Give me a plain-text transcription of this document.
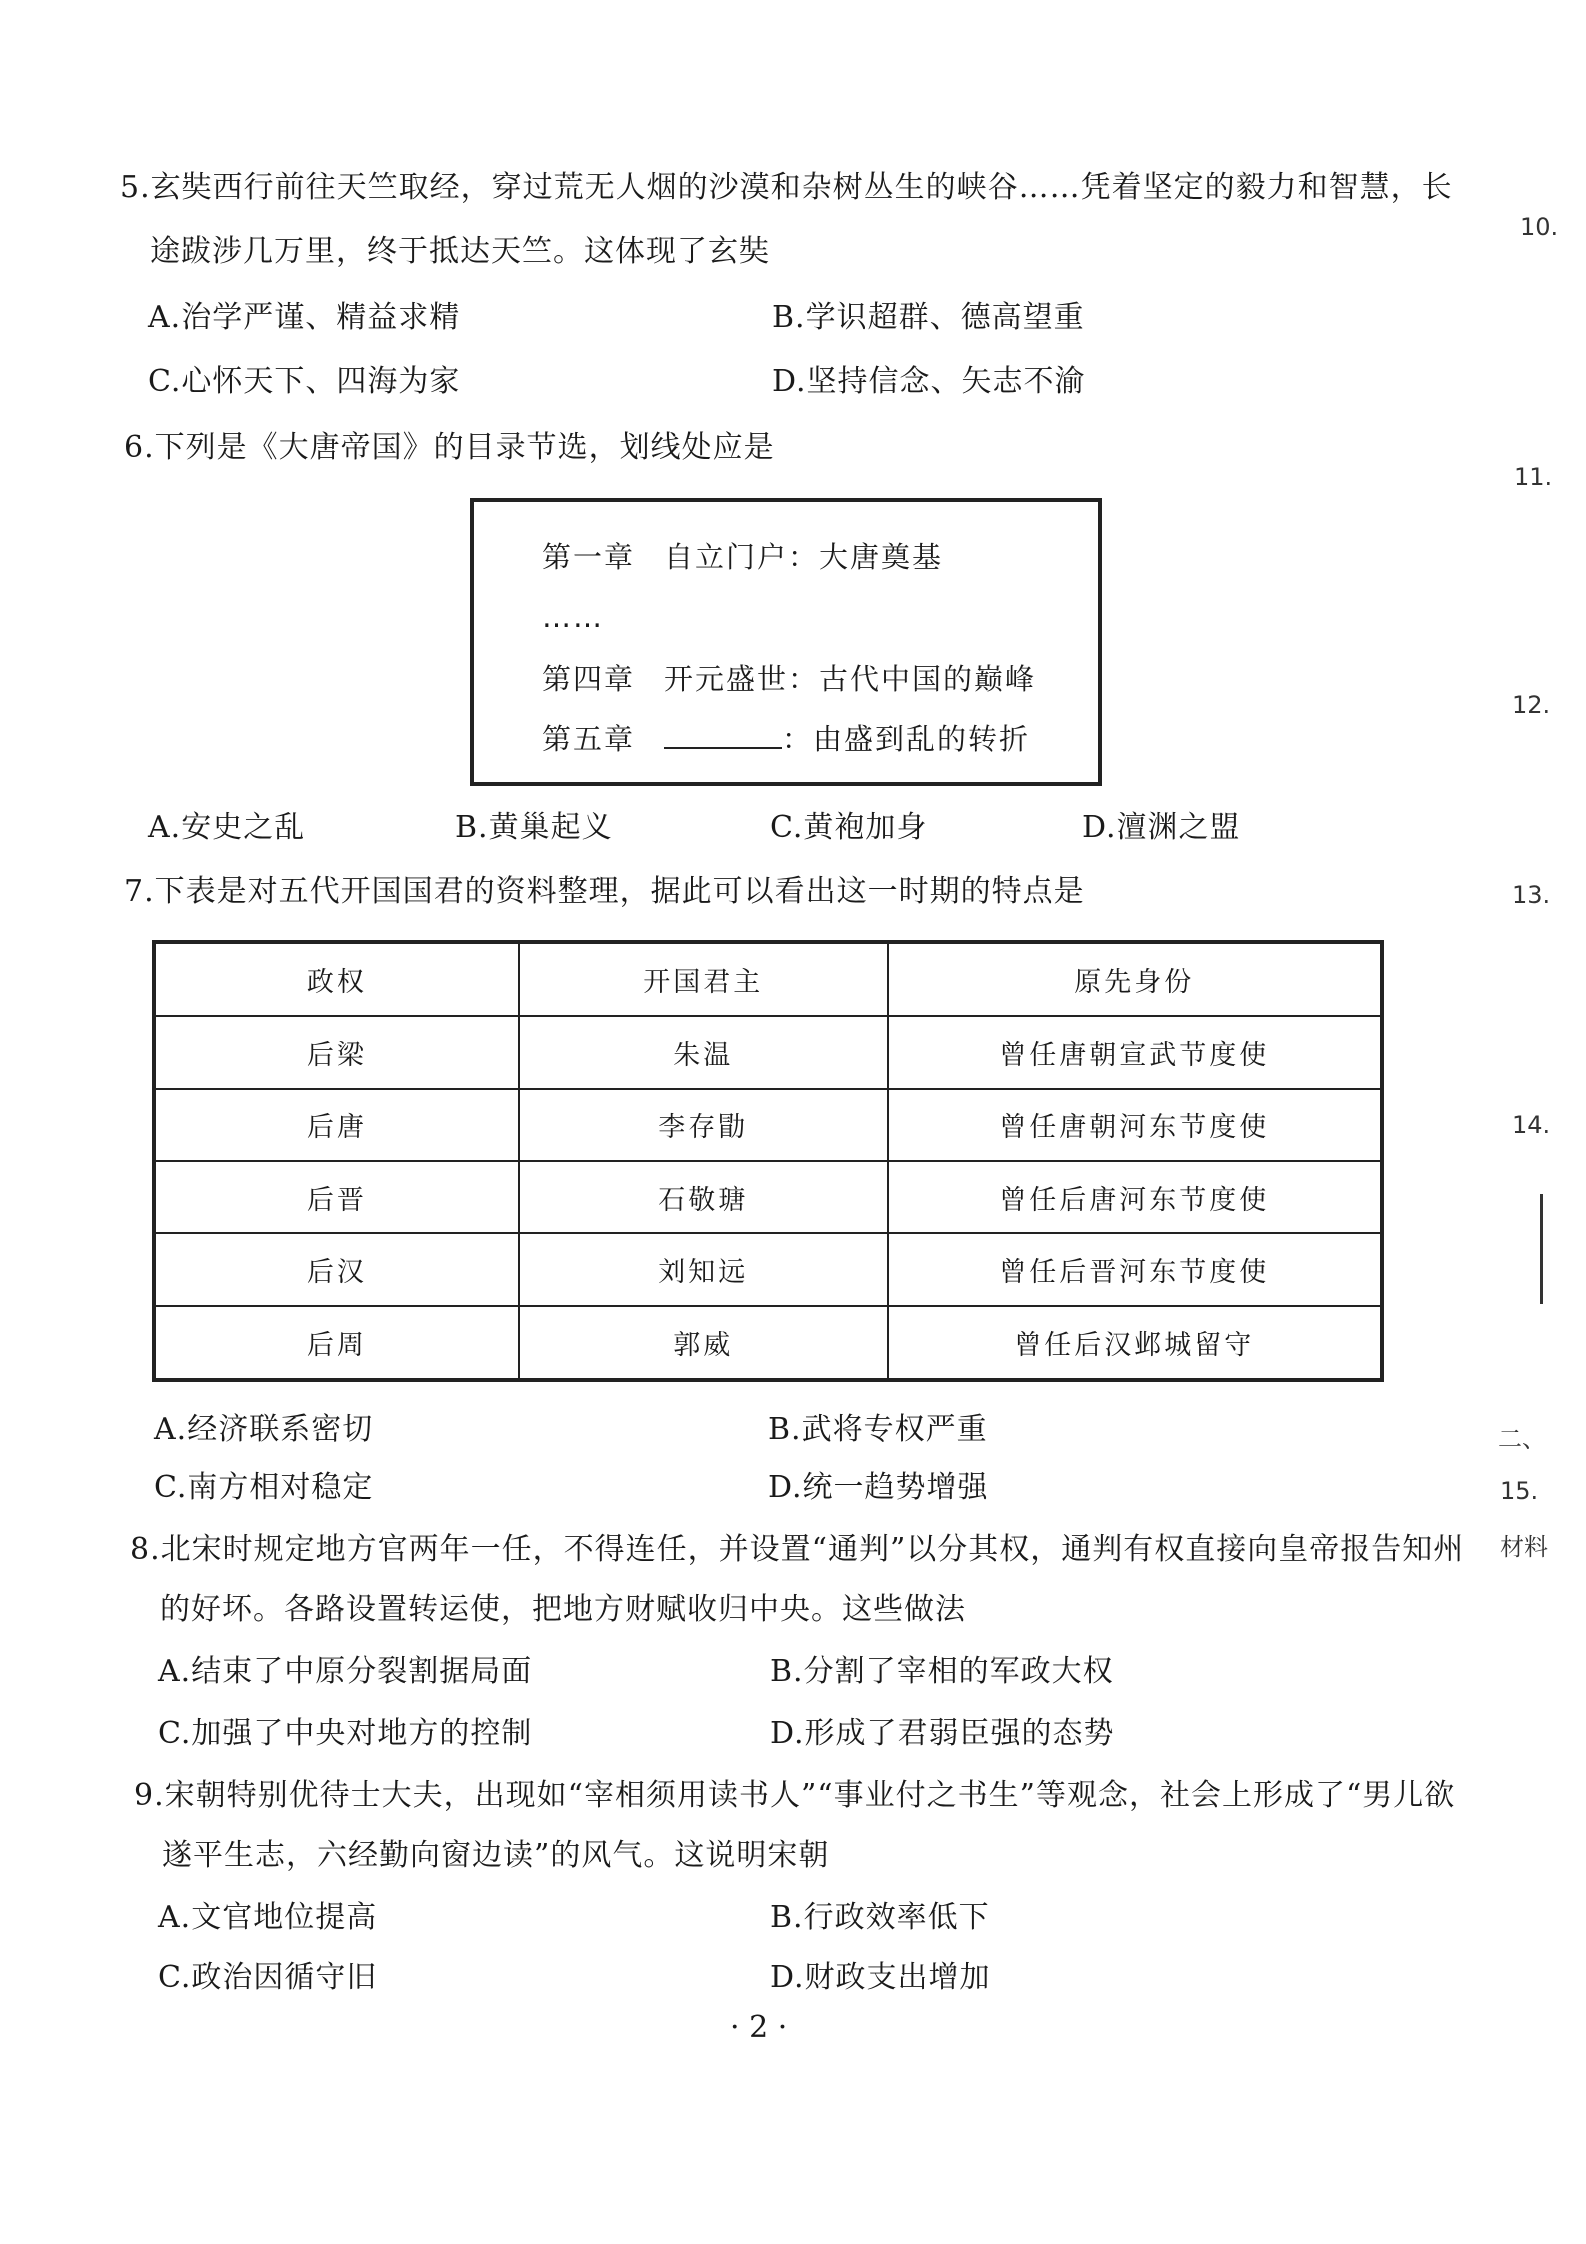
5.玄奘西行前往天竺取经，穿过荒无人烟的沙漠和杂树丛生的峡谷……凭着坚定的毅力和智慧，长
途跋涉几万里，终于抵达天竺。这体现了玄奘
A.治学严谨、精益求精	B.学识超群、德高望重
C.心怀天下、四海为家	D.坚持信念、矢志不渝
6.下列是《大唐帝国》的目录节选，划线处应是
第一章 自立门户：大唐奠基
……
第四章 开元盛世：古代中国的巅峰
第五章	：由盛到乱的转折
A.安史之乱	B.黄巢起义	C.黄袍加身	D.澶渊之盟
7.下表是对五代开国国君的资料整理，据此可以看出这一时期的特点是
政权	开国君主	原先身份
后梁	朱温	曾任唐朝宣武节度使
后唐	李存勖	曾任唐朝河东节度使
后晋	石敬瑭	曾任后唐河东节度使
后汉	刘知远	曾任后晋河东节度使
后周	郭威	曾任后汉邺城留守
A.经济联系密切	B.武将专权严重
C.南方相对稳定	D.统一趋势增强
8.北宋时规定地方官两年一任，不得连任，并设置“通判”以分其权，通判有权直接向皇帝报告知州
的好坏。各路设置转运使，把地方财赋收归中央。这些做法
A.结束了中原分裂割据局面	B.分割了宰相的军政大权
C.加强了中央对地方的控制	D.形成了君弱臣强的态势
9.宋朝特别优待士大夫，出现如“宰相须用读书人”“事业付之书生”等观念，社会上形成了“男儿欲
遂平生志，六经勤向窗边读”的风气。这说明宋朝
A.文官地位提高	B.行政效率低下
C.政治因循守旧	D.财政支出增加
· 2 ·
10.
11.
12.
13.
14.
二、
15.
材料
